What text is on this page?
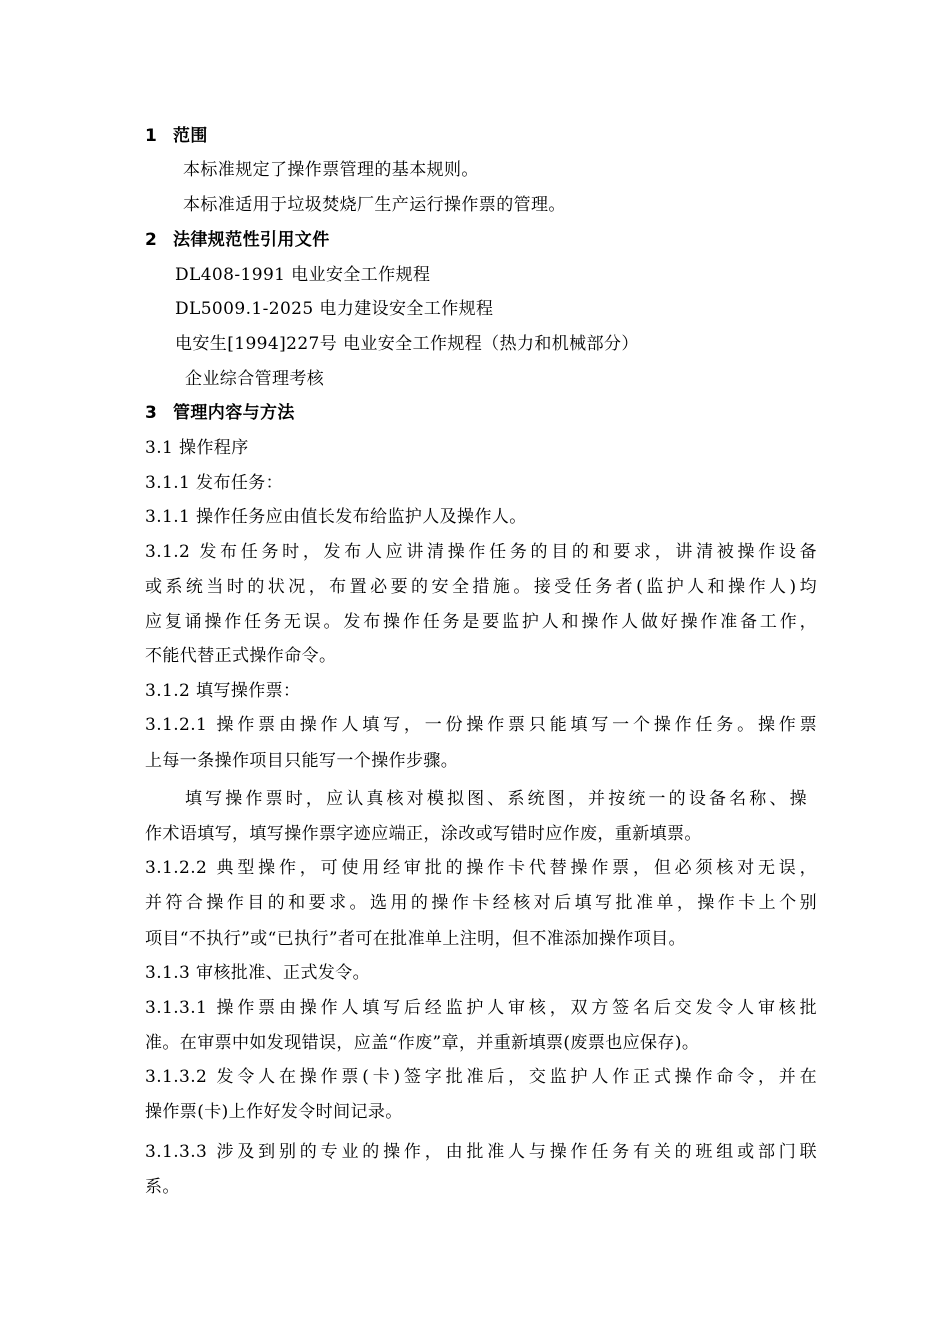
1 范围
本标准规定了操作票管理的基本规则。
本标准适用于垃圾焚烧厂生产运行操作票的管理。
2 法律规范性引用文件
DL408-1991 电业安全工作规程
DL5009.1-2025 电力建设安全工作规程
电安生[1994]227号 电业安全工作规程（热力和机械部分）
企业综合管理考核
3 管理内容与方法
3.1 操作程序
3.1.1 发布任务：
3.1.1 操作任务应由值长发布给监护人及操作人。
3.1.2 发布任务时，发布人应讲清操作任务的目的和要求，讲清被操作设备
或系统当时的状况，布置必要的安全措施。接受任务者(监护人和操作人)均
应复诵操作任务无误。发布操作任务是要监护人和操作人做好操作准备工作，
不能代替正式操作命令。
3.1.2 填写操作票：
3.1.2.1 操作票由操作人填写，一份操作票只能填写一个操作任务。操作票
上每一条操作项目只能写一个操作步骤。
填写操作票时，应认真核对模拟图、系统图，并按统一的设备名称、操
作术语填写，填写操作票字迹应端正，涂改或写错时应作废，重新填票。
3.1.2.2 典型操作，可使用经审批的操作卡代替操作票，但必须核对无误，
并符合操作目的和要求。选用的操作卡经核对后填写批准单，操作卡上个别
项目“不执行”或“已执行”者可在批准单上注明，但不准添加操作项目。
3.1.3 审核批准、正式发令。
3.1.3.1 操作票由操作人填写后经监护人审核，双方签名后交发令人审核批
准。在审票中如发现错误，应盖“作废”章，并重新填票(废票也应保存)。
3.1.3.2 发令人在操作票(卡)签字批准后，交监护人作正式操作命令，并在
操作票(卡)上作好发令时间记录。
3.1.3.3 涉及到别的专业的操作，由批准人与操作任务有关的班组或部门联
系。
